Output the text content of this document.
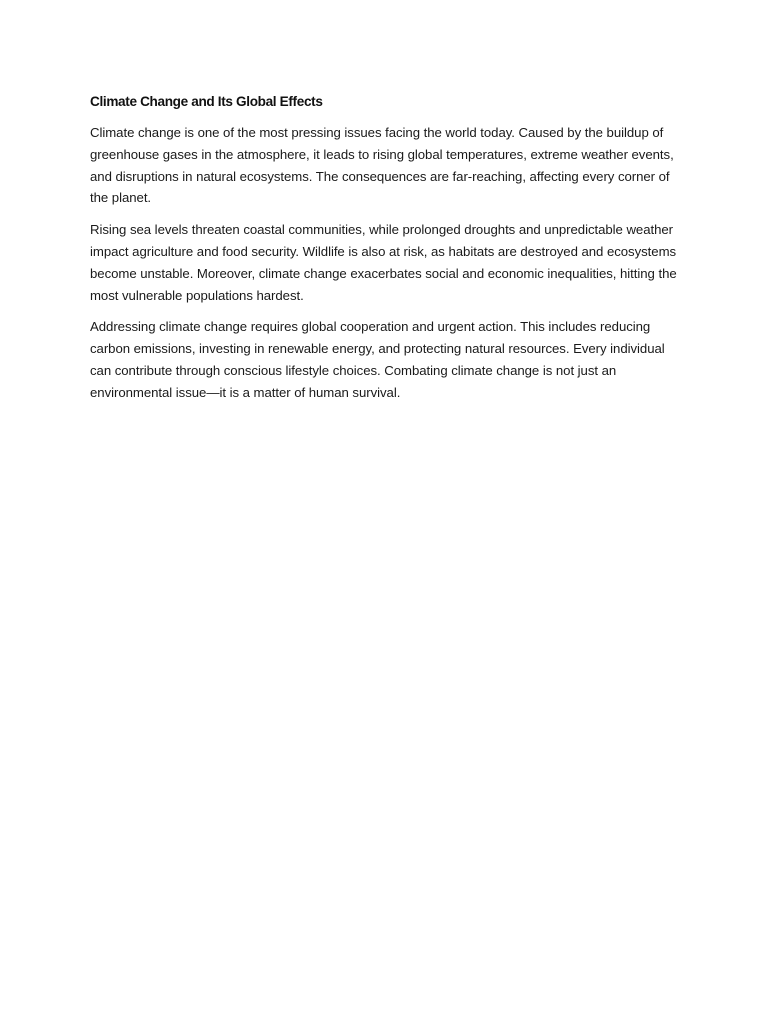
Climate Change and Its Global Effects

Climate change is one of the most pressing issues facing the world today. Caused by the buildup of greenhouse gases in the atmosphere, it leads to rising global temperatures, extreme weather events, and disruptions in natural ecosystems. The consequences are far-reaching, affecting every corner of the planet.

Rising sea levels threaten coastal communities, while prolonged droughts and unpredictable weather impact agriculture and food security. Wildlife is also at risk, as habitats are destroyed and ecosystems become unstable. Moreover, climate change exacerbates social and economic inequalities, hitting the most vulnerable populations hardest.

Addressing climate change requires global cooperation and urgent action. This includes reducing carbon emissions, investing in renewable energy, and protecting natural resources. Every individual can contribute through conscious lifestyle choices. Combating climate change is not just an environmental issue—it is a matter of human survival.
